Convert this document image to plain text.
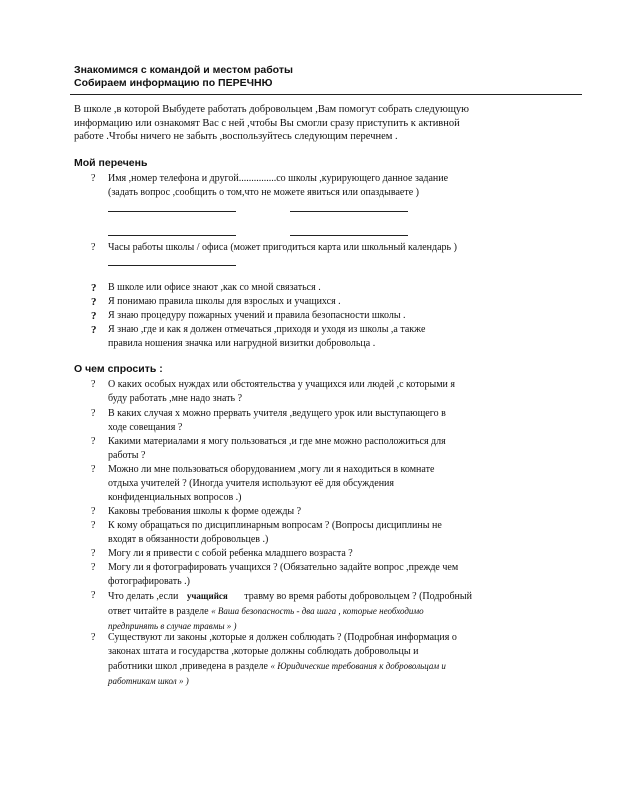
Знакомимся с командой и местом работы
Собираем информацию по ПЕРЕЧНЮ
В школе ,в которой Выбудете работать добровольцем ,Вам помогут собрать следующую
информацию или ознакомят Вас с ней ,чтобы Вы смогли сразу приступить к активной
работе .Чтобы ничего не забыть ,воспользуйтесь следующим перечнем .
Мой перечень
? Имя ,номер телефона и другой...............со школы ,курирующего данное задание
(задать вопрос ,сообщить о том,что не можете явиться или опаздываете )
? Часы работы школы / офиса (может пригодиться карта или школьный календарь )
? В школе или офисе знают ,как со мной связаться .
? Я понимаю правила школы для взрослых и учащихся .
? Я знаю процедуру пожарных учений и правила безопасности школы .
? Я знаю ,где и как я должен отмечаться ,приходя и уходя из школы ,а также
правила ношения значка или нагрудной визитки добровольца .
О чем спросить :
? О каких особых нуждах или обстоятельства у учащихся или людей ,с которыми я
буду работать ,мне надо знать ?
? В каких случая х можно прервать учителя ,ведущего урок или выступающего в
ходе совещания ?
? Какими материалами я могу пользоваться ,и где мне можно расположиться для
работы ?
? Можно ли мне пользоваться оборудованием ,могу ли я находиться в комнате
отдыха учителей ? (Иногда учителя используют её для обсуждения
конфиденциальных вопросов .)
? Каковы требования школы к форме одежды ?
? К кому обращаться по дисциплинарным вопросам ? (Вопросы дисциплины не
входят в обязанности добровольцев .)
? Могу ли я привести с собой ребенка младшего возраста ?
? Могу ли я фотографировать учащихся ? (Обязательно задайте вопрос ,прежде чем
фотографировать .)
? Что делать ,если учащийся травму во время работы добровольцем ? (Подробный
ответ читайте в разделе « Ваша безопасность - два шага , которые необходимо
предпринять в случае травмы » )
? Существуют ли законы ,которые я должен соблюдать ? (Подробная информация о
законах штата и государства ,которые должны соблюдать добровольцы и
работники школ ,приведена в разделе « Юридические требования к добровольцам и
работникам школ » )
